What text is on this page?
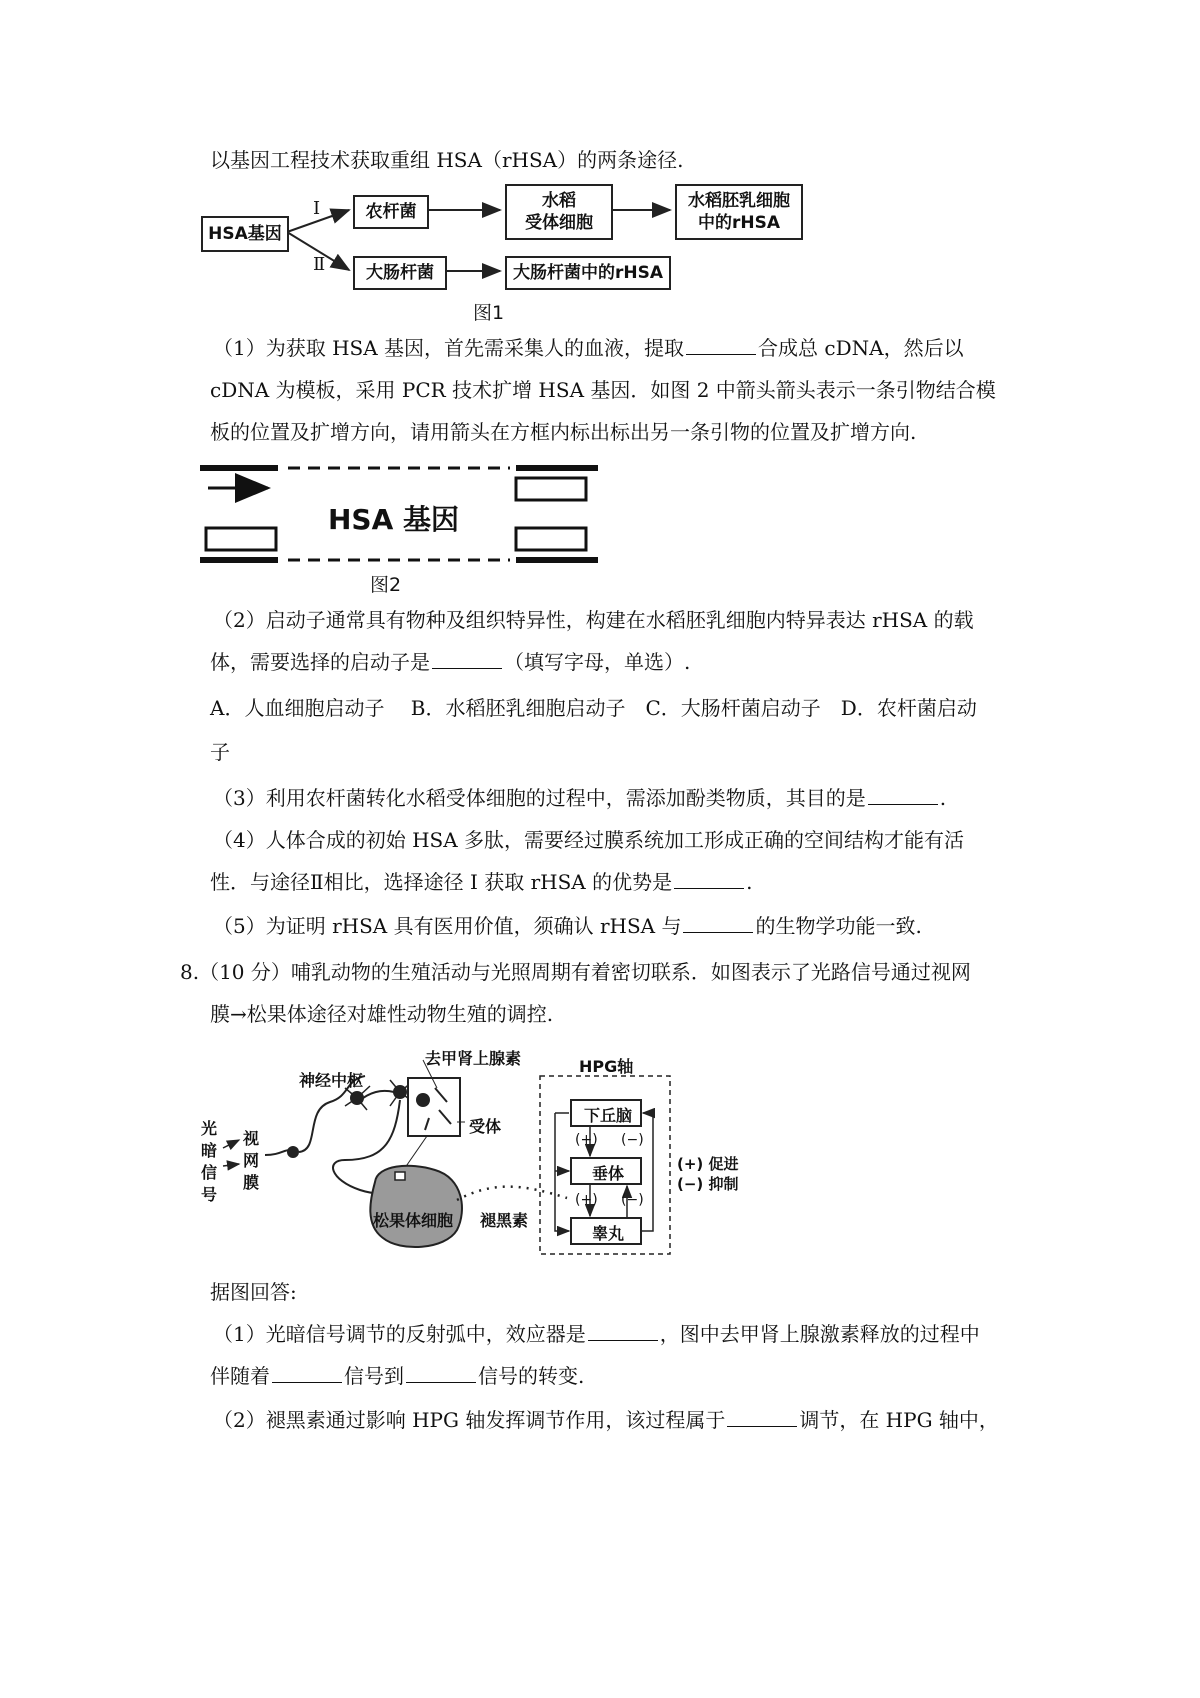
以基因工程技术获取重组 HSA（rHSA）的两条途径.
HSA基因
Ⅰ
Ⅱ
农杆菌
水稻
受体细胞
水稻胚乳细胞
中的rHSA
大肠杆菌	大肠杆菌中的rHSA
图1
（1）为获取 HSA 基因，首先需采集人的血液，提取	合成总 cDNA，然后以
cDNA 为模板，采用 PCR 技术扩增 HSA 基因．如图 2 中箭头箭头表示一条引物结合模
板的位置及扩增方向，请用箭头在方框内标出标出另一条引物的位置及扩增方向.
HSA 基因
图2
（2）启动子通常具有物种及组织特异性，构建在水稻胚乳细胞内特异表达 rHSA 的载
体，需要选择的启动子是	（填写字母，单选）.
A．人血细胞启动子　 B．水稻胚乳细胞启动子　C．大肠杆菌启动子　D．农杆菌启动
子
（3）利用农杆菌转化水稻受体细胞的过程中，需添加酚类物质，其目的是	.
（4）人体合成的初始 HSA 多肽，需要经过膜系统加工形成正确的空间结构才能有活
性．与途径Ⅱ相比，选择途径 I 获取 rHSA 的优势是	.
（5）为证明 rHSA 具有医用价值，须确认 rHSA 与	的生物学功能一致.
8.（10 分）哺乳动物的生殖活动与光照周期有着密切联系．如图表示了光路信号通过视网
膜→松果体途径对雄性动物生殖的调控.
光
暗
信
号
视
网
膜
神经中枢
去甲肾上腺素
受体
松果体细胞 褪黑素
HPG轴
下丘脑
垂体
睾丸
(+) (−)
(+) (−)
(+) 促进
(−) 抑制
据图回答:
（1）光暗信号调节的反射弧中，效应器是	，图中去甲肾上腺激素释放的过程中
伴随着	信号到	信号的转变.
（2）褪黑素通过影响 HPG 轴发挥调节作用，该过程属于	调节，在 HPG 轴中，
